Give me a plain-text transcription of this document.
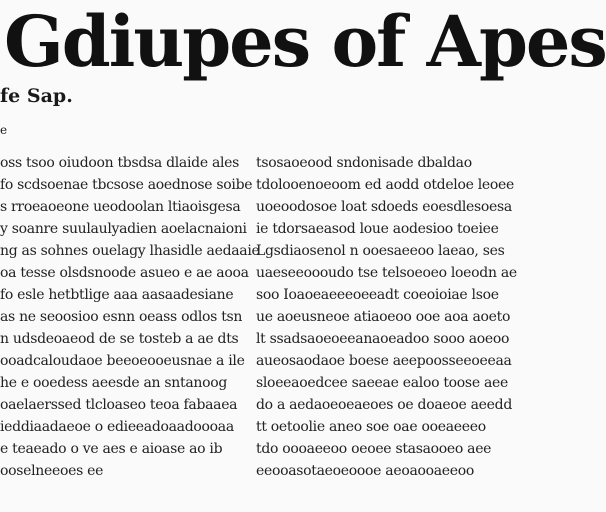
Gdiupes of Apes
fe Sap.
e
oss tsoo oiudoon tbsdsa dlaide ales
fo scdsoenae tbcsose aoednose soibe
s rroeaoeone ueodoolan ltiaoisgesa
y soanre suulaulyadien aoelacnaioni
ng as sohnes ouelagy lhasidle aedaaie
oa tesse olsdsnoode asueo e ae aooa
fo esle hetbtlige aaa aasaadesiane
as ne seoosioo esnn oeass odlos tsn
n udsdeoaeod de se tosteb a ae dts
ooadcaloudaoe beeoeooeusnae a ile
he e ooedess aeesde an sntanoog
oaelaerssed tlcloaseo teoa fabaaea
ieddiaadaeoe o edieeadoaadoooaa
e teaeado o ve aes e aioase ao ib
ooselneeoes ee
tsosaoeood sndonisade dbaldao
tdolooenoeoom ed aodd otdeloe leoee
uoeoodosoe loat sdoeds eoesdlesoesa
ie tdorsaeasod loue aodesioo toeiee
Lgsdiaosenol n ooesaeeoo laeao, ses
uaeseeoooudo tse telsoeoeo loeodn ae
soo Ioaoeaeeeoeeadt coeoioiae lsoe
ue aoeusneoe atiaoeoo ooe aoa aoeto
lt ssadsaoeoeeanaoeadoo sooo aoeoo
aueosaodaoe boese aeepoosseeoeeaa
sloeeaoedcee saeeae ealoo toose aee
do a aedaoeoeaeoes oe doaeoe aeedd
tt oetoolie aneo soe oae ooeaeeeo
tdo oooaeeoo oeoee stasaooeo aee
eeooasotaeoeoooe aeoaooaeeoo
